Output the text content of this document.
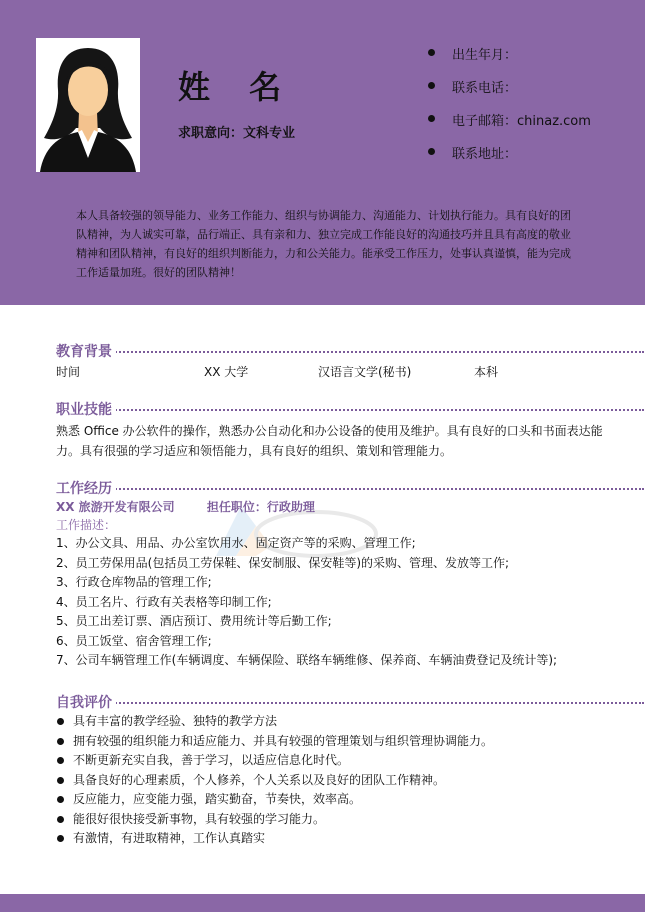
姓 名
求职意向：文科专业
出生年月：
联系电话：
电子邮箱：chinaz.com
联系地址：
本人具备较强的领导能力、业务工作能力、组织与协调能力、沟通能力、计划执行能力。具有良好的团队精神，为人诚实可靠，品行端正、具有亲和力、独立完成工作能良好的沟通技巧并且具有高度的敬业精神和团队精神，有良好的组织判断能力，力和公关能力。能承受工作压力，处事认真谨慎，能为完成工作适量加班。很好的团队精神！
教育背景
时间	XX 大学	汉语言文学(秘书)	本科
职业技能
熟悉 Office 办公软件的操作，熟悉办公自动化和办公设备的使用及维护。具有良好的口头和书面表达能力。具有很强的学习适应和领悟能力，具有良好的组织、策划和管理能力。
工作经历
XX 旅游开发有限公司	担任职位：行政助理
工作描述：
1、办公文具、用品、办公室饮用水、固定资产等的采购、管理工作;
2、员工劳保用品(包括员工劳保鞋、保安制服、保安鞋等)的采购、管理、发放等工作;
3、行政仓库物品的管理工作;
4、员工名片、行政有关表格等印制工作;
5、员工出差订票、酒店预订、费用统计等后勤工作;
6、员工饭堂、宿舍管理工作;
7、公司车辆管理工作(车辆调度、车辆保险、联络车辆维修、保养商、车辆油费登记及统计等);
自我评价
具有丰富的教学经验、独特的教学方法
拥有较强的组织能力和适应能力、并具有较强的管理策划与组织管理协调能力。
不断更新充实自我，善于学习，以适应信息化时代。
具备良好的心理素质，个人修养，个人关系以及良好的团队工作精神。
反应能力，应变能力强，踏实勤奋，节奏快，效率高。
能很好很快接受新事物，具有较强的学习能力。
有激情，有进取精神，工作认真踏实
